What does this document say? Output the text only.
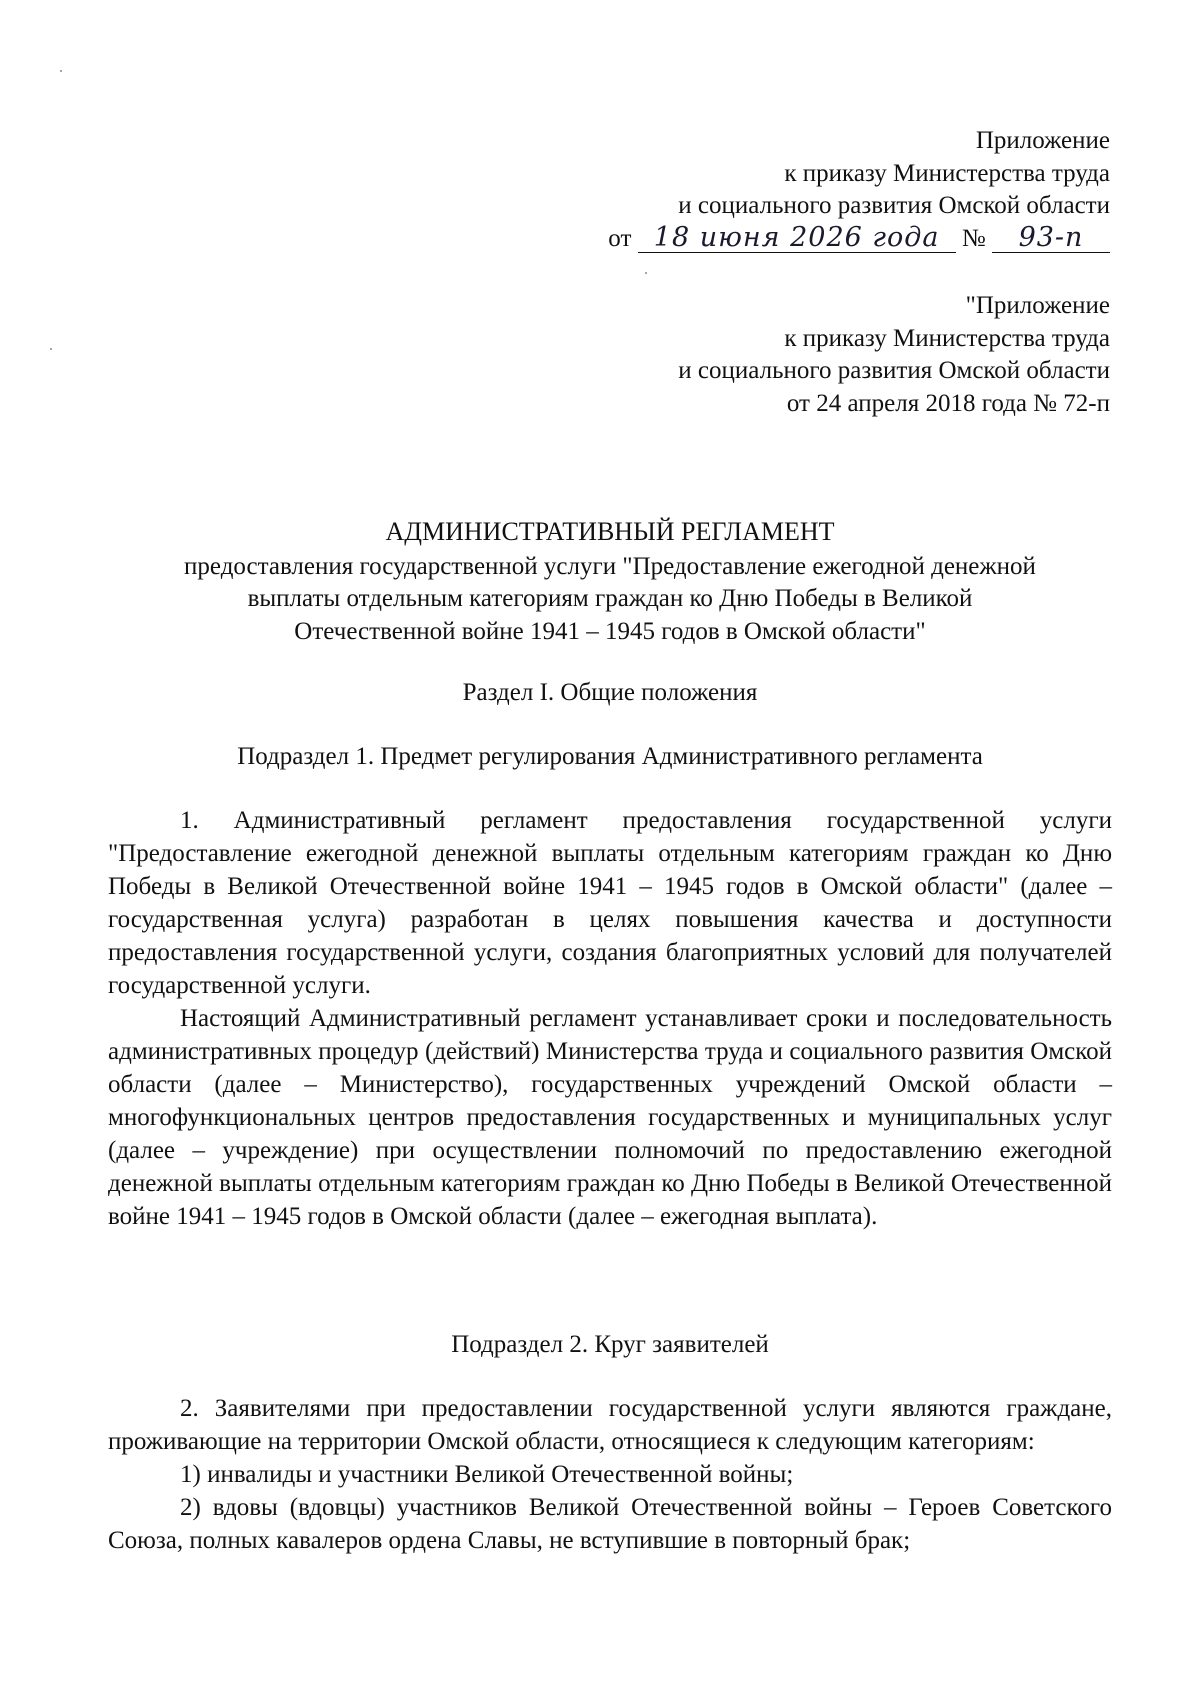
Приложение
к приказу Министерства труда
и социального развития Омской области
от 18 июня 2026 года № 93-п
"Приложение
к приказу Министерства труда
и социального развития Омской области
от 24 апреля 2018 года № 72-п
АДМИНИСТРАТИВНЫЙ РЕГЛАМЕНТ
предоставления государственной услуги "Предоставление ежегодной денежной
выплаты отдельным категориям граждан ко Дню Победы в Великой
Отечественной войне 1941 – 1945 годов в Омской области"
Раздел I. Общие положения
Подраздел 1. Предмет регулирования Административного регламента

1. Административный регламент предоставления государственной услуги "Предоставление ежегодной денежной выплаты отдельным категориям граждан ко Дню Победы в Великой Отечественной войне 1941 – 1945 годов в Омской области" (далее – государственная услуга) разработан в целях повышения качества и доступности предоставления государственной услуги, создания благоприятных условий для получателей государственной услуги.

Настоящий Административный регламент устанавливает сроки и последовательность административных процедур (действий) Министерства труда и социального развития Омской области (далее – Министерство), государственных учреждений Омской области – многофункциональных центров предоставления государственных и муниципальных услуг (далее – учреждение) при осуществлении полномочий по предоставлению ежегодной денежной выплаты отдельным категориям граждан ко Дню Победы в Великой Отечественной войне 1941 – 1945 годов в Омской области (далее – ежегодная выплата).

Подраздел 2. Круг заявителей

2. Заявителями при предоставлении государственной услуги являются граждане, проживающие на территории Омской области, относящиеся к следующим категориям:

1) инвалиды и участники Великой Отечественной войны;

2) вдовы (вдовцы) участников Великой Отечественной войны – Героев Советского Союза, полных кавалеров ордена Славы, не вступившие в повторный брак;
